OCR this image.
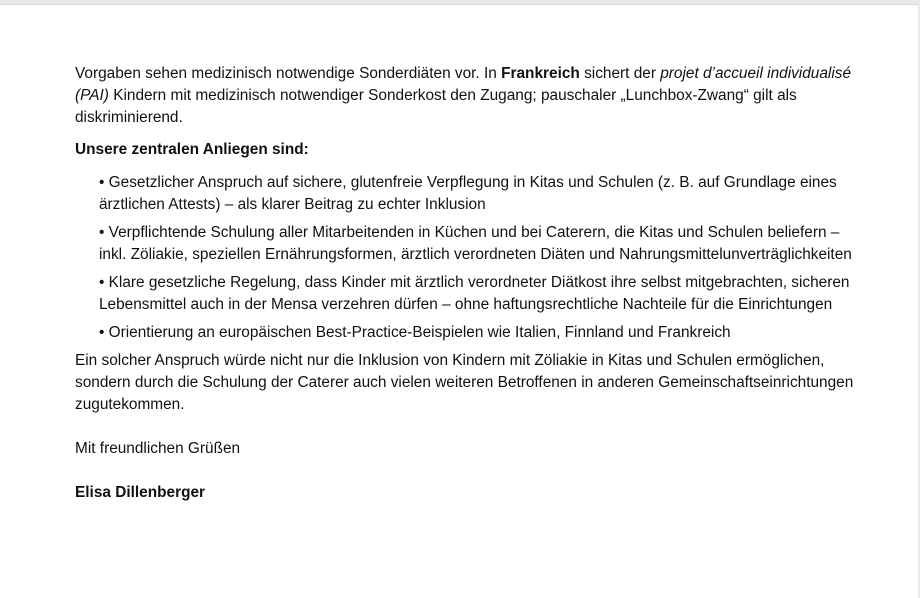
Vorgaben sehen medizinisch notwendige Sonderdiäten vor. In Frankreich sichert der projet d’accueil individualisé (PAI) Kindern mit medizinisch notwendiger Sonderkost den Zugang; pauschaler „Lunchbox-Zwang“ gilt als diskriminierend.

Unsere zentralen Anliegen sind:

• Gesetzlicher Anspruch auf sichere, glutenfreie Verpflegung in Kitas und Schulen (z. B. auf Grundlage eines ärztlichen Attests) – als klarer Beitrag zu echter Inklusion
• Verpflichtende Schulung aller Mitarbeitenden in Küchen und bei Caterern, die Kitas und Schulen beliefern – inkl. Zöliakie, speziellen Ernährungsformen, ärztlich verordneten Diäten und Nahrungsmittelunverträglichkeiten
• Klare gesetzliche Regelung, dass Kinder mit ärztlich verordneter Diätkost ihre selbst mitgebrachten, sicheren Lebensmittel auch in der Mensa verzehren dürfen – ohne haftungsrechtliche Nachteile für die Einrichtungen
• Orientierung an europäischen Best-Practice-Beispielen wie Italien, Finnland und Frankreich

Ein solcher Anspruch würde nicht nur die Inklusion von Kindern mit Zöliakie in Kitas und Schulen ermöglichen, sondern durch die Schulung der Caterer auch vielen weiteren Betroffenen in anderen Gemeinschaftseinrichtungen zugutekommen.

Mit freundlichen Grüßen

Elisa Dillenberger
